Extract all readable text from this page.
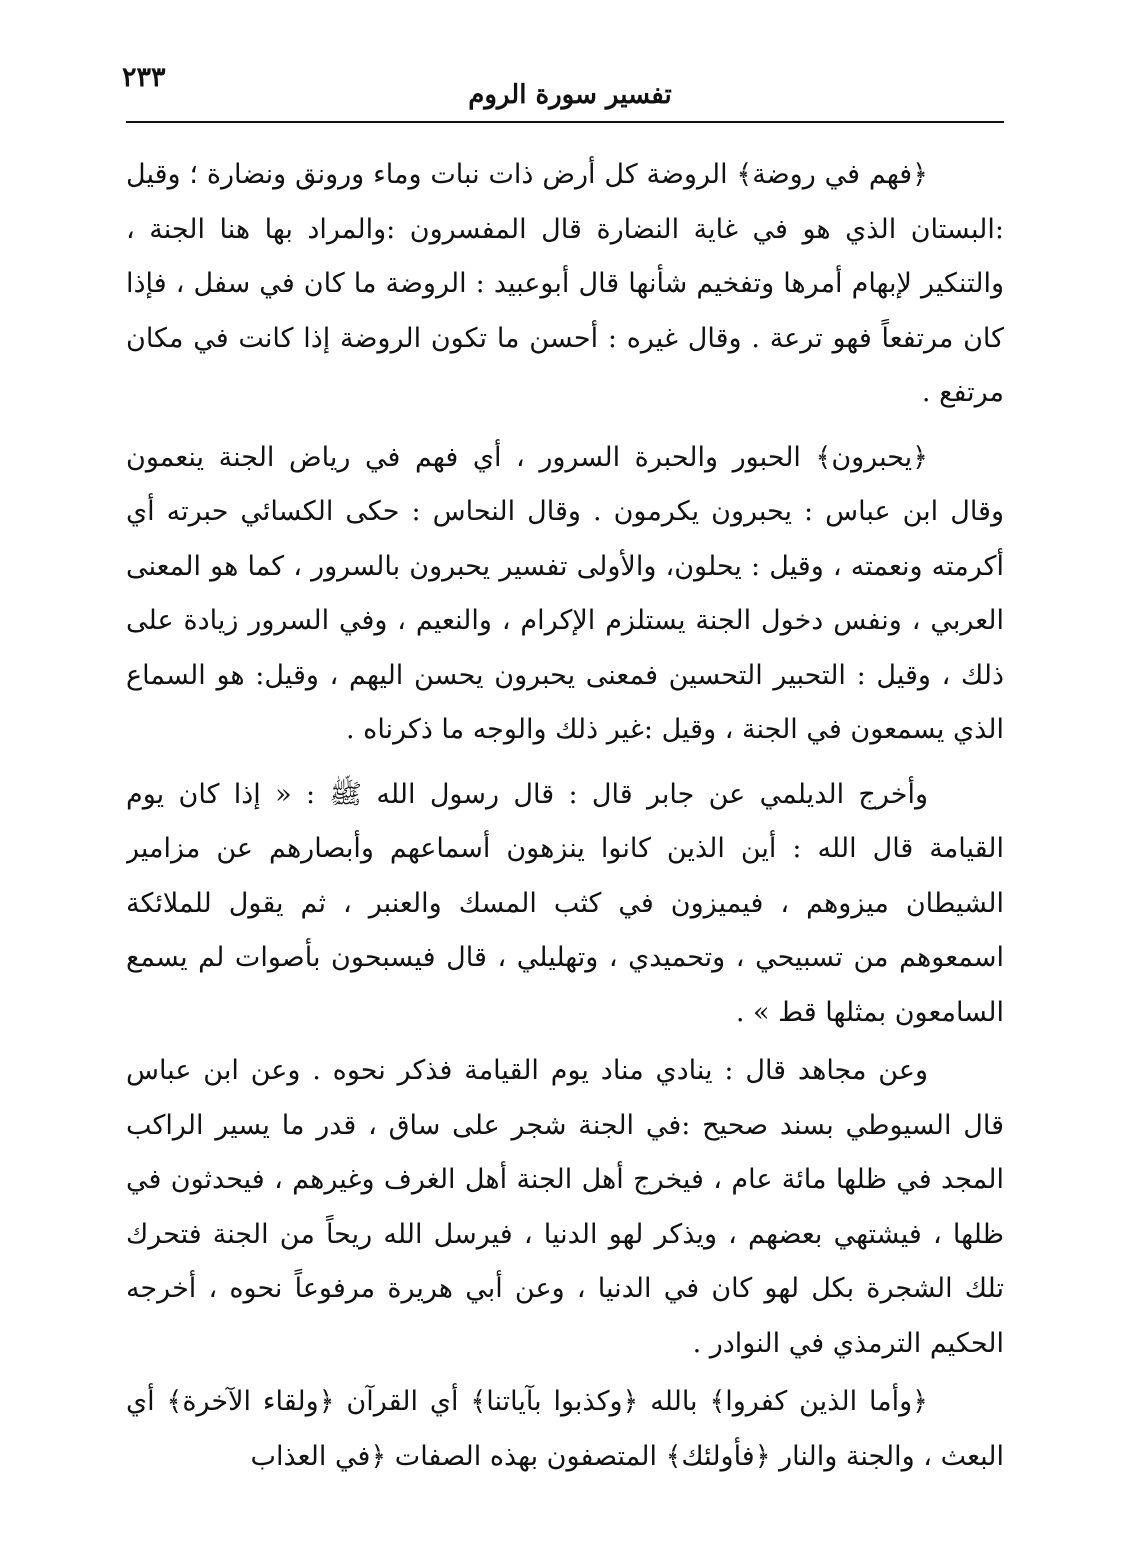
٢٣٣
تفسير سورة الروم

﴿فهم في روضة﴾ الروضة كل أرض ذات نبات وماء ورونق ونضارة ؛ وقيل :البستان الذي هو في غاية النضارة قال المفسرون :والمراد بها هنا الجنة ، والتنكير لإبهام أمرها وتفخيم شأنها قال أبوعبيد : الروضة ما كان في سفل ، فإذا كان مرتفعاً فهو ترعة . وقال غيره : أحسن ما تكون الروضة إذا كانت في مكان مرتفع .

﴿يحبرون﴾ الحبور والحبرة السرور ، أي فهم في رياض الجنة ينعمون وقال ابن عباس : يحبرون يكرمون . وقال النحاس : حكى الكسائي حبرته أي أكرمته ونعمته ، وقيل : يحلون، والأولى تفسير يحبرون بالسرور ، كما هو المعنى العربي ، ونفس دخول الجنة يستلزم الإكرام ، والنعيم ، وفي السرور زيادة على ذلك ، وقيل : التحبير التحسين فمعنى يحبرون يحسن اليهم ، وقيل: هو السماع الذي يسمعون في الجنة ، وقيل :غير ذلك والوجه ما ذكرناه .

وأخرج الديلمي عن جابر قال : قال رسول الله ﷺ : « إذا كان يوم القيامة قال الله : أين الذين كانوا ينزهون أسماعهم وأبصارهم عن مزامير الشيطان ميزوهم ، فيميزون في كثب المسك والعنبر ، ثم يقول للملائكة اسمعوهم من تسبيحي ، وتحميدي ، وتهليلي ، قال فيسبحون بأصوات لم يسمع السامعون بمثلها قط » .

وعن مجاهد قال : ينادي مناد يوم القيامة فذكر نحوه . وعن ابن عباس قال السيوطي بسند صحيح :في الجنة شجر على ساق ، قدر ما يسير الراكب المجد في ظلها مائة عام ، فيخرج أهل الجنة أهل الغرف وغيرهم ، فيحدثون في ظلها ، فيشتهي بعضهم ، ويذكر لهو الدنيا ، فيرسل الله ريحاً من الجنة فتحرك تلك الشجرة بكل لهو كان في الدنيا ، وعن أبي هريرة مرفوعاً نحوه ، أخرجه الحكيم الترمذي في النوادر .

﴿وأما الذين كفروا﴾ بالله ﴿وكذبوا بآياتنا﴾ أي القرآن ﴿ولقاء الآخرة﴾ أي البعث ، والجنة والنار ﴿فأولئك﴾ المتصفون بهذه الصفات ﴿في العذاب
